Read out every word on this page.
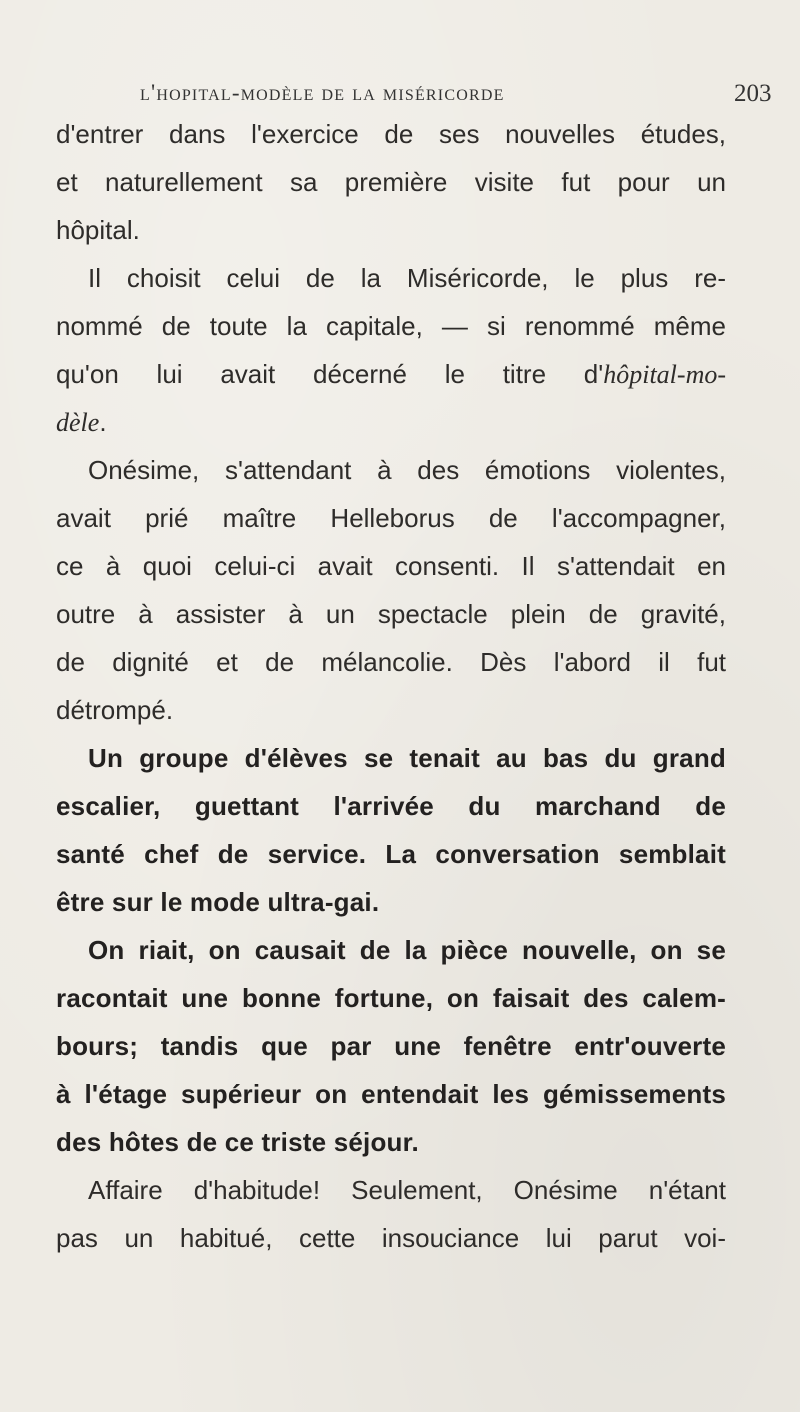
l'hopital-modèle de la miséricorde	203
d'entrer dans l'exercice de ses nouvelles études,
et naturellement sa première visite fut pour un
hôpital.
Il choisit celui de la Miséricorde, le plus re-
nommé de toute la capitale, — si renommé même
qu'on lui avait décerné le titre d'hôpital-mo-
dèle.
Onésime, s'attendant à des émotions violentes,
avait prié maître Helleborus de l'accompagner,
ce à quoi celui-ci avait consenti. Il s'attendait en
outre à assister à un spectacle plein de gravité,
de dignité et de mélancolie. Dès l'abord il fut
détrompé.
Un groupe d'élèves se tenait au bas du grand
escalier, guettant l'arrivée du marchand de
santé chef de service. La conversation semblait
être sur le mode ultra-gai.
On riait, on causait de la pièce nouvelle, on se
racontait une bonne fortune, on faisait des calem-
bours; tandis que par une fenêtre entr'ouverte
à l'étage supérieur on entendait les gémissements
des hôtes de ce triste séjour.
Affaire d'habitude! Seulement, Onésime n'étant
pas un habitué, cette insouciance lui parut voi-
